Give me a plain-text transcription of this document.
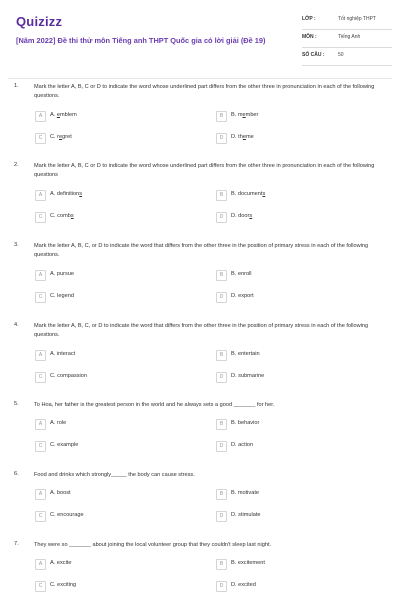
Quizizz
[Năm 2022] Đề thi thử môn Tiếng anh THPT Quốc gia có lời giải (Đề 19)
LỚP :	Tốt nghiệp THPT
MÔN :	Tiếng Anh
SỐ CÂU :	50
1.	Mark the letter A, B, C or D to indicate the word whose underlined part differs from the other three in pronunciation in each of the following questions.
A	A. emblem	B	B. member
C	C. regret	D	D. theme
2.	Mark the letter A, B, C or D to indicate the word whose underlined part differs from the other three in pronunciation in each of the following questions
A	A. definitions	B	B. documents
C	C. combs	D	D. doors
3.	Mark the letter A, B, C, or D to indicate the word that differs from the other three in the position of primary stress in each of the following questions.
A	A. pursue	B	B. enroll
C	C. legend	D	D. export
4.	Mark the letter A, B, C, or D to indicate the word that differs from the other three in the position of primary stress in each of the following questions.
A	A. interact	B	B. entertain
C	C. compassion	D	D. submarine
5.	To Hoa, her father is the greatest person in the world and he always sets a good _______ for her.
A	A. role	B	B. behavior
C	C. example	D	D. action
6.	Food and drinks which strongly_____ the body can cause stress.
A	A. boost	B	B. motivate
C	C. encourage	D	D. stimulate
7.	They were so _______ about joining the local volunteer group that they couldn't sleep last night.
A	A. excite	B	B. excitement
C	C. exciting	D	D. excited
